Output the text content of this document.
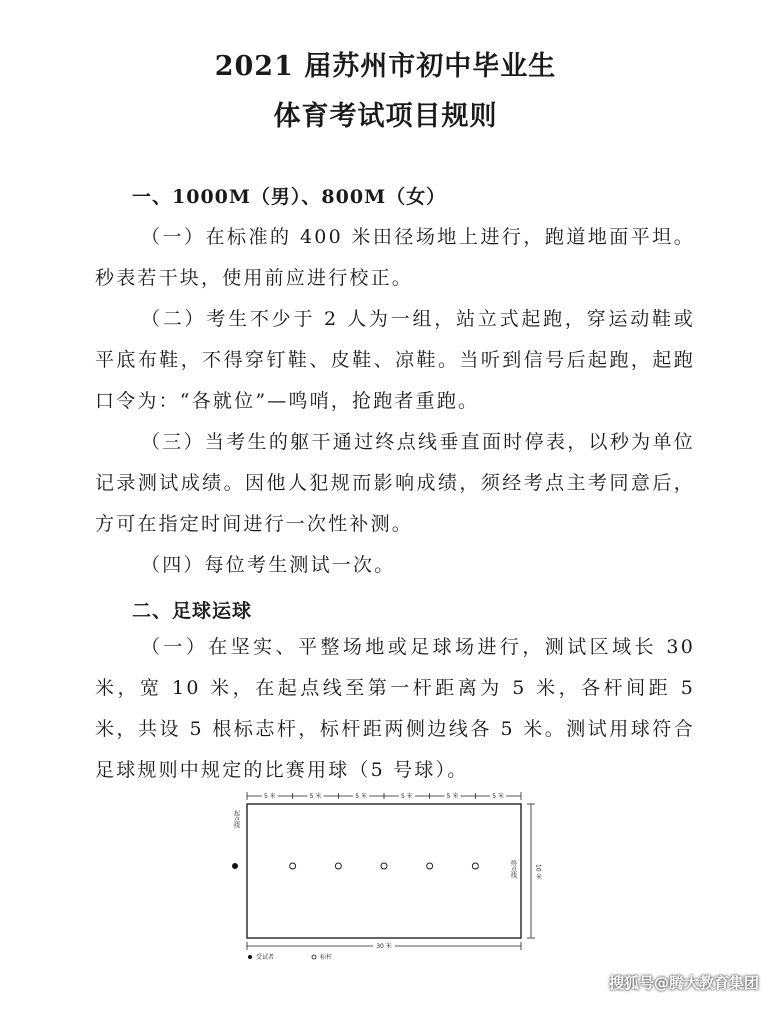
2021 届苏州市初中毕业生
体育考试项目规则
一、1000M（男）、800M（女）
（一）在标准的 400 米田径场地上进行，跑道地面平坦。秒表若干块，使用前应进行校正。
（二）考生不少于 2 人为一组，站立式起跑，穿运动鞋或平底布鞋，不得穿钉鞋、皮鞋、凉鞋。当听到信号后起跑，起跑口令为：“各就位”—鸣哨，抢跑者重跑。
（三）当考生的躯干通过终点线垂直面时停表，以秒为单位记录测试成绩。因他人犯规而影响成绩，须经考点主考同意后，方可在指定时间进行一次性补测。
（四）每位考生测试一次。
二、足球运球
（一）在坚实、平整场地或足球场进行，测试区域长 30 米，宽 10 米，在起点线至第一杆距离为 5 米，各杆间距 5 米，共设 5 根标志杆，标杆距两侧边线各 5 米。测试用球符合足球规则中规定的比赛用球（5 号球）。
5 米	5 米	5 米	5 米	5 米	5 米
起点线
终点线	10 米
30 米
受试者	标杆
搜狐号@腾大教育集团
